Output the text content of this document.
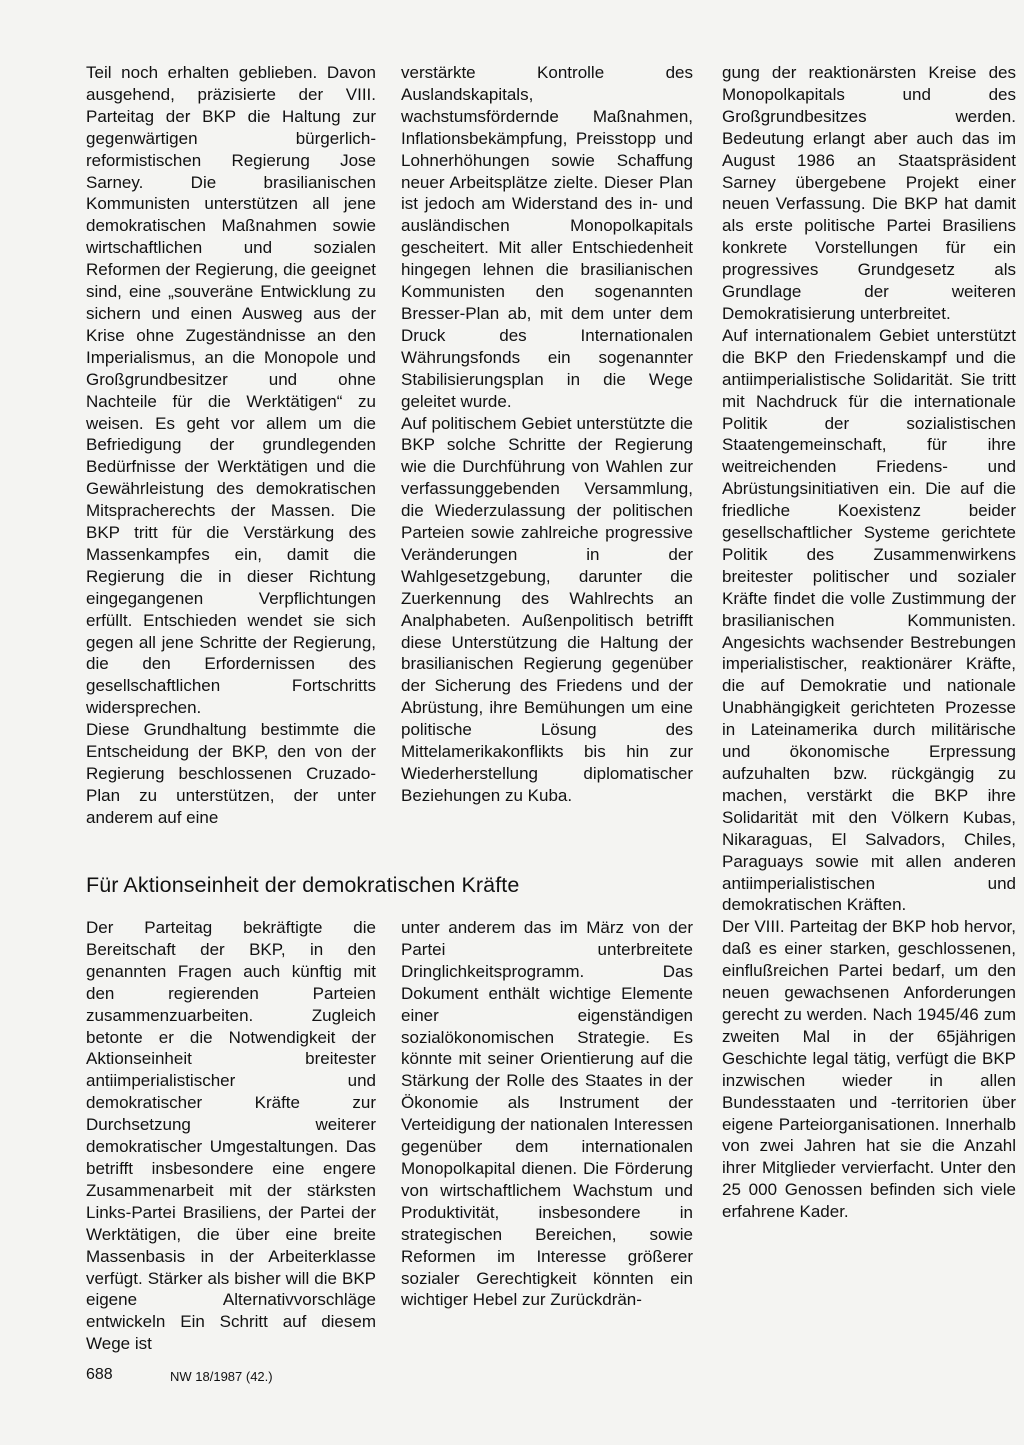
Teil noch erhalten geblieben. Davon ausgehend, präzisierte der VIII. Parteitag der BKP die Haltung zur gegenwärtigen bürgerlich-reformistischen Regierung Jose Sarney. Die brasilianischen Kommunisten unterstützen all jene demokratischen Maßnahmen sowie wirtschaftlichen und sozialen Reformen der Regierung, die geeignet sind, eine „souveräne Entwicklung zu sichern und einen Ausweg aus der Krise ohne Zugeständnisse an den Imperialismus, an die Monopole und Großgrundbesitzer und ohne Nachteile für die Werktätigen“ zu weisen. Es geht vor allem um die Befriedigung der grundlegenden Bedürfnisse der Werktätigen und die Gewährleistung des demokratischen Mitspracherechts der Massen. Die BKP tritt für die Verstärkung des Massenkampfes ein, damit die Regierung die in dieser Richtung eingegangenen Verpflichtungen erfüllt. Entschieden wendet sie sich gegen all jene Schritte der Regierung, die den Erfordernissen des gesellschaftlichen Fortschritts widersprechen.

Diese Grundhaltung bestimmte die Entscheidung der BKP, den von der Regierung beschlossenen Cruzado-Plan zu unterstützen, der unter anderem auf eine

verstärkte Kontrolle des Auslandskapitals, wachstumsfördernde Maßnahmen, Inflationsbekämpfung, Preisstopp und Lohnerhöhungen sowie Schaffung neuer Arbeitsplätze zielte. Dieser Plan ist jedoch am Widerstand des in- und ausländischen Monopolkapitals gescheitert. Mit aller Entschiedenheit hingegen lehnen die brasilianischen Kommunisten den sogenannten Bresser-Plan ab, mit dem unter dem Druck des Internationalen Währungsfonds ein sogenannter Stabilisierungsplan in die Wege geleitet wurde.

Auf politischem Gebiet unterstützte die BKP solche Schritte der Regierung wie die Durchführung von Wahlen zur verfassunggebenden Versammlung, die Wiederzulassung der politischen Parteien sowie zahlreiche progressive Veränderungen in der Wahlgesetzgebung, darunter die Zuerkennung des Wahlrechts an Analphabeten. Außenpolitisch betrifft diese Unterstützung die Haltung der brasilianischen Regierung gegenüber der Sicherung des Friedens und der Abrüstung, ihre Bemühungen um eine politische Lösung des Mittelamerikakonflikts bis hin zur Wiederherstellung diplomatischer Beziehungen zu Kuba.

gung der reaktionärsten Kreise des Monopolkapitals und des Großgrundbesitzes werden. Bedeutung erlangt aber auch das im August 1986 an Staatspräsident Sarney übergebene Projekt einer neuen Verfassung. Die BKP hat damit als erste politische Partei Brasiliens konkrete Vorstellungen für ein progressives Grundgesetz als Grundlage der weiteren Demokratisierung unterbreitet.

Auf internationalem Gebiet unterstützt die BKP den Friedenskampf und die antiimperialistische Solidarität. Sie tritt mit Nachdruck für die internationale Politik der sozialistischen Staatengemeinschaft, für ihre weitreichenden Friedens- und Abrüstungsinitiativen ein. Die auf die friedliche Koexistenz beider gesellschaftlicher Systeme gerichtete Politik des Zusammenwirkens breitester politischer und sozialer Kräfte findet die volle Zustimmung der brasilianischen Kommunisten. Angesichts wachsender Bestrebungen imperialistischer, reaktionärer Kräfte, die auf Demokratie und nationale Unabhängigkeit gerichteten Prozesse in Lateinamerika durch militärische und ökonomische Erpressung aufzuhalten bzw. rückgängig zu machen, verstärkt die BKP ihre Solidarität mit den Völkern Kubas, Nikaraguas, El Salvadors, Chiles, Paraguays sowie mit allen anderen antiimperialistischen und demokratischen Kräften.

Der VIII. Parteitag der BKP hob hervor, daß es einer starken, geschlossenen, einflußreichen Partei bedarf, um den neuen gewachsenen Anforderungen gerecht zu werden. Nach 1945/46 zum zweiten Mal in der 65jährigen Geschichte legal tätig, verfügt die BKP inzwischen wieder in allen Bundesstaaten und -territorien über eigene Parteiorganisationen. Innerhalb von zwei Jahren hat sie die Anzahl ihrer Mitglieder vervierfacht. Unter den 25 000 Genossen befinden sich viele erfahrene Kader.

Für Aktionseinheit der demokratischen Kräfte

Der Parteitag bekräftigte die Bereitschaft der BKP, in den genannten Fragen auch künftig mit den regierenden Parteien zusammenzuarbeiten. Zugleich betonte er die Notwendigkeit der Aktionseinheit breitester antiimperialistischer und demokratischer Kräfte zur Durchsetzung weiterer demokratischer Umgestaltungen. Das betrifft insbesondere eine engere Zusammenarbeit mit der stärksten Links-Partei Brasiliens, der Partei der Werktätigen, die über eine breite Massenbasis in der Arbeiterklasse verfügt. Stärker als bisher will die BKP eigene Alternativvorschläge entwickeln Ein Schritt auf diesem Wege ist

unter anderem das im März von der Partei unterbreitete Dringlichkeitsprogramm. Das Dokument enthält wichtige Elemente einer eigenständigen sozialökonomischen Strategie. Es könnte mit seiner Orientierung auf die Stärkung der Rolle des Staates in der Ökonomie als Instrument der Verteidigung der nationalen Interessen gegenüber dem internationalen Monopolkapital dienen. Die Förderung von wirtschaftlichem Wachstum und Produktivität, insbesondere in strategischen Bereichen, sowie Reformen im Interesse größerer sozialer Gerechtigkeit könnten ein wichtiger Hebel zur Zurückdrän-

688	NW 18/1987 (42.)
